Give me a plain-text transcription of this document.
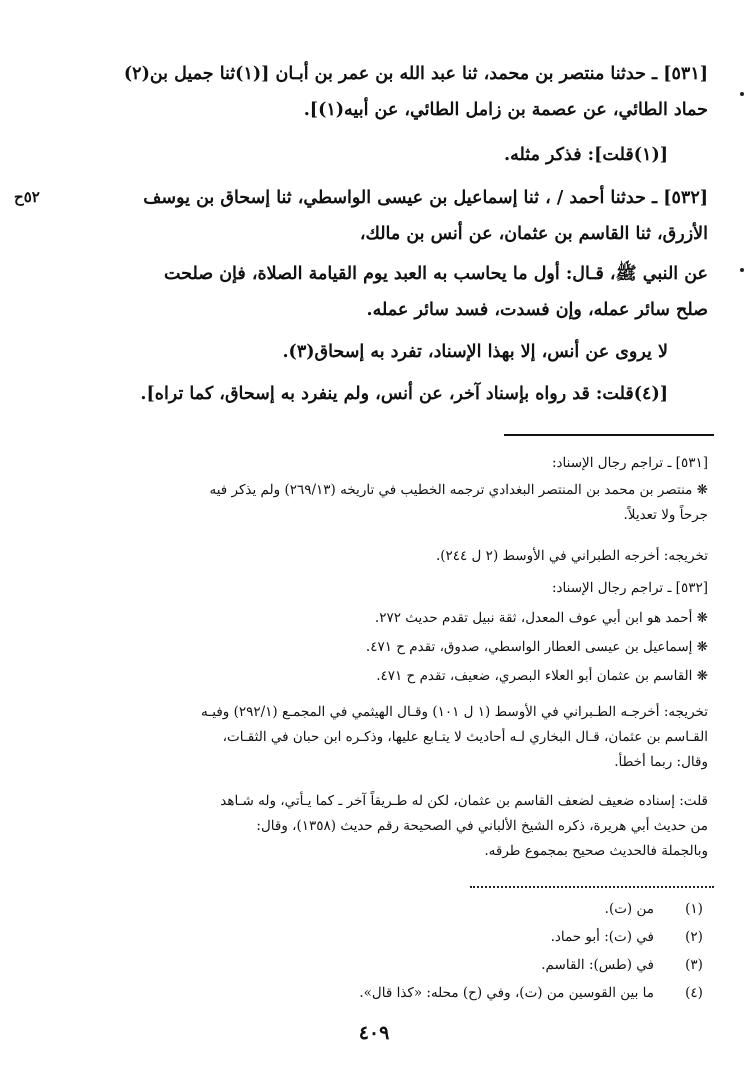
[٥٣١] ـ حدثنا منتصر بن محمد، ثنا عبد الله بن عمر بن أبـان [(١)ثنا جميل بن(٢)
حماد الطائي، عن عصمة بن زامل الطائي، عن أبيه(١)].
[(١)قلت]: فذكر مثله.
٥٢ح	[٥٣٢] ـ حدثنا أحمد / ، ثنا إسماعيل بن عيسى الواسطي، ثنا إسحاق بن يوسف
الأزرق، ثنا القاسم بن عثمان، عن أنس بن مالك،
عن النبي ﷺ، قـال: أول ما يحاسب به العبد يوم القيامة الصلاة، فإن صلحت
صلح سائر عمله، وإن فسدت، فسد سائر عمله.
لا يروى عن أنس، إلا بهذا الإسناد، تفرد به إسحاق(٣).
[(٤)قلت: قد رواه بإسناد آخر، عن أنس، ولم ينفرد به إسحاق، كما تراه].
[٥٣١] ـ تراجم رجال الإسناد:
❋ منتصر بن محمد بن المنتصر البغدادي ترجمه الخطيب في تاريخه (٢٦٩/١٣) ولم يذكر فيه
جرحاً ولا تعديلاً.
تخريجه: أخرجه الطبراني في الأوسط (٢ ل ٢٤٤).
[٥٣٢] ـ تراجم رجال الإسناد:
❋ أحمد هو ابن أبي عوف المعدل، ثقة نبيل تقدم حديث ٢٧٢.
❋ إسماعيل بن عيسى العطار الواسطي، صدوق، تقدم ح ٤٧١.
❋ القاسم بن عثمان أبو العلاء البصري، ضعيف، تقدم ح ٤٧١.
تخريجه: أخرجـه الطـبراني في الأوسط (١ ل ١٠١) وقـال الهيثمي في المجمـع (٢٩٢/١) وفيـه
القـاسم بن عثمان، قـال البخاري لـه أحاديث لا يتـابع عليها، وذكـره ابن حبان في الثقـات،
وقال: ربما أخطأ.
قلت: إسناده ضعيف لضعف القاسم بن عثمان، لكن له طـريقاً آخر ـ كما يـأتي، وله شـاهد
من حديث أبي هريرة، ذكره الشيخ الألباني في الصحيحة رقم حديث (١٣٥٨)، وقال:
وبالجملة فالحديث صحيح بمجموع طرقه.
(١)
من (ت).
(٢)
في (ت): أبو حماد.
(٣)
في (طس): القاسم.
(٤)
ما بين القوسين من (ت)، وفي (ح) محله: «كذا قال».
٤٠٩
